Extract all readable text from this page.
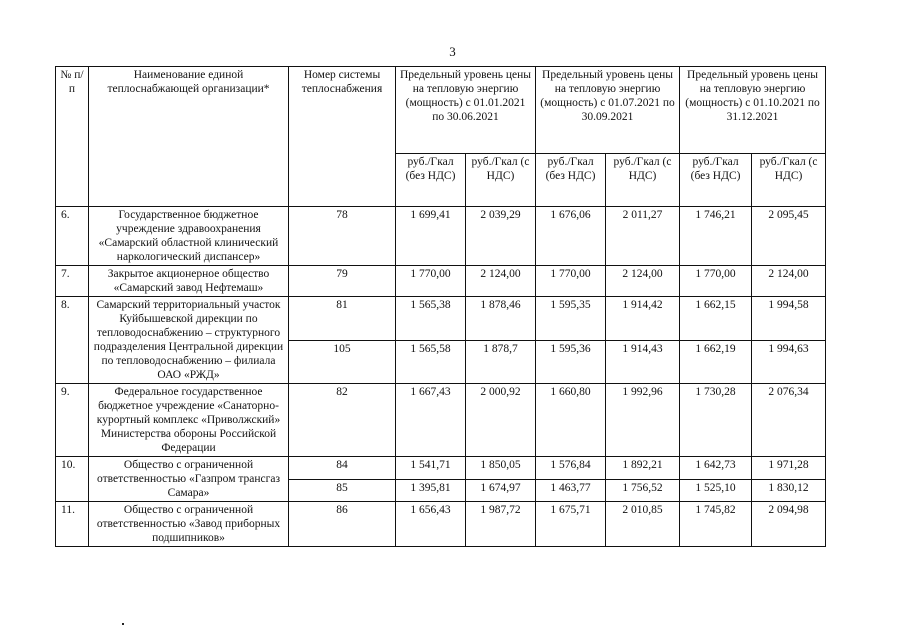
3
№ п/п	Наименование единой теплоснабжающей организации*	Номер системы теплоснабжения	Предельный уровень цены на тепловую энергию (мощность) с 01.01.2021 по 30.06.2021		Предельный уровень цены на тепловую энергию (мощность) с 01.07.2021 по 30.09.2021		Предельный уровень цены на тепловую энергию (мощность) с 01.10.2021 по 31.12.2021	
			руб./Гкал (без НДС)	руб./Гкал (с НДС)	руб./Гкал (без НДС)	руб./Гкал (с НДС)	руб./Гкал (без НДС)	руб./Гкал (с НДС)
6.	Государственное бюджетное учреждение здравоохранения «Самарский областной клинический наркологический диспансер»	78	1 699,41	2 039,29	1 676,06	2 011,27	1 746,21	2 095,45
7.	Закрытое акционерное общество «Самарский завод Нефтемаш»	79	1 770,00	2 124,00	1 770,00	2 124,00	1 770,00	2 124,00
8.	Самарский территориальный участок Куйбышевской дирекции по тепловодоснабжению – структурного подразделения Центральной дирекции по тепловодоснабжению – филиала ОАО «РЖД»	81	1 565,38	1 878,46	1 595,35	1 914,42	1 662,15	1 994,58
		105	1 565,58	1 878,7	1 595,36	1 914,43	1 662,19	1 994,63
9.	Федеральное государственное бюджетное учреждение «Санаторно-курортный комплекс «Приволжский» Министерства обороны Российской Федерации	82	1 667,43	2 000,92	1 660,80	1 992,96	1 730,28	2 076,34
10.	Общество с ограниченной ответственностью «Газпром трансгаз Самара»	84	1 541,71	1 850,05	1 576,84	1 892,21	1 642,73	1 971,28
		85	1 395,81	1 674,97	1 463,77	1 756,52	1 525,10	1 830,12
11.	Общество с ограниченной ответственностью «Завод приборных подшипников»	86	1 656,43	1 987,72	1 675,71	2 010,85	1 745,82	2 094,98
